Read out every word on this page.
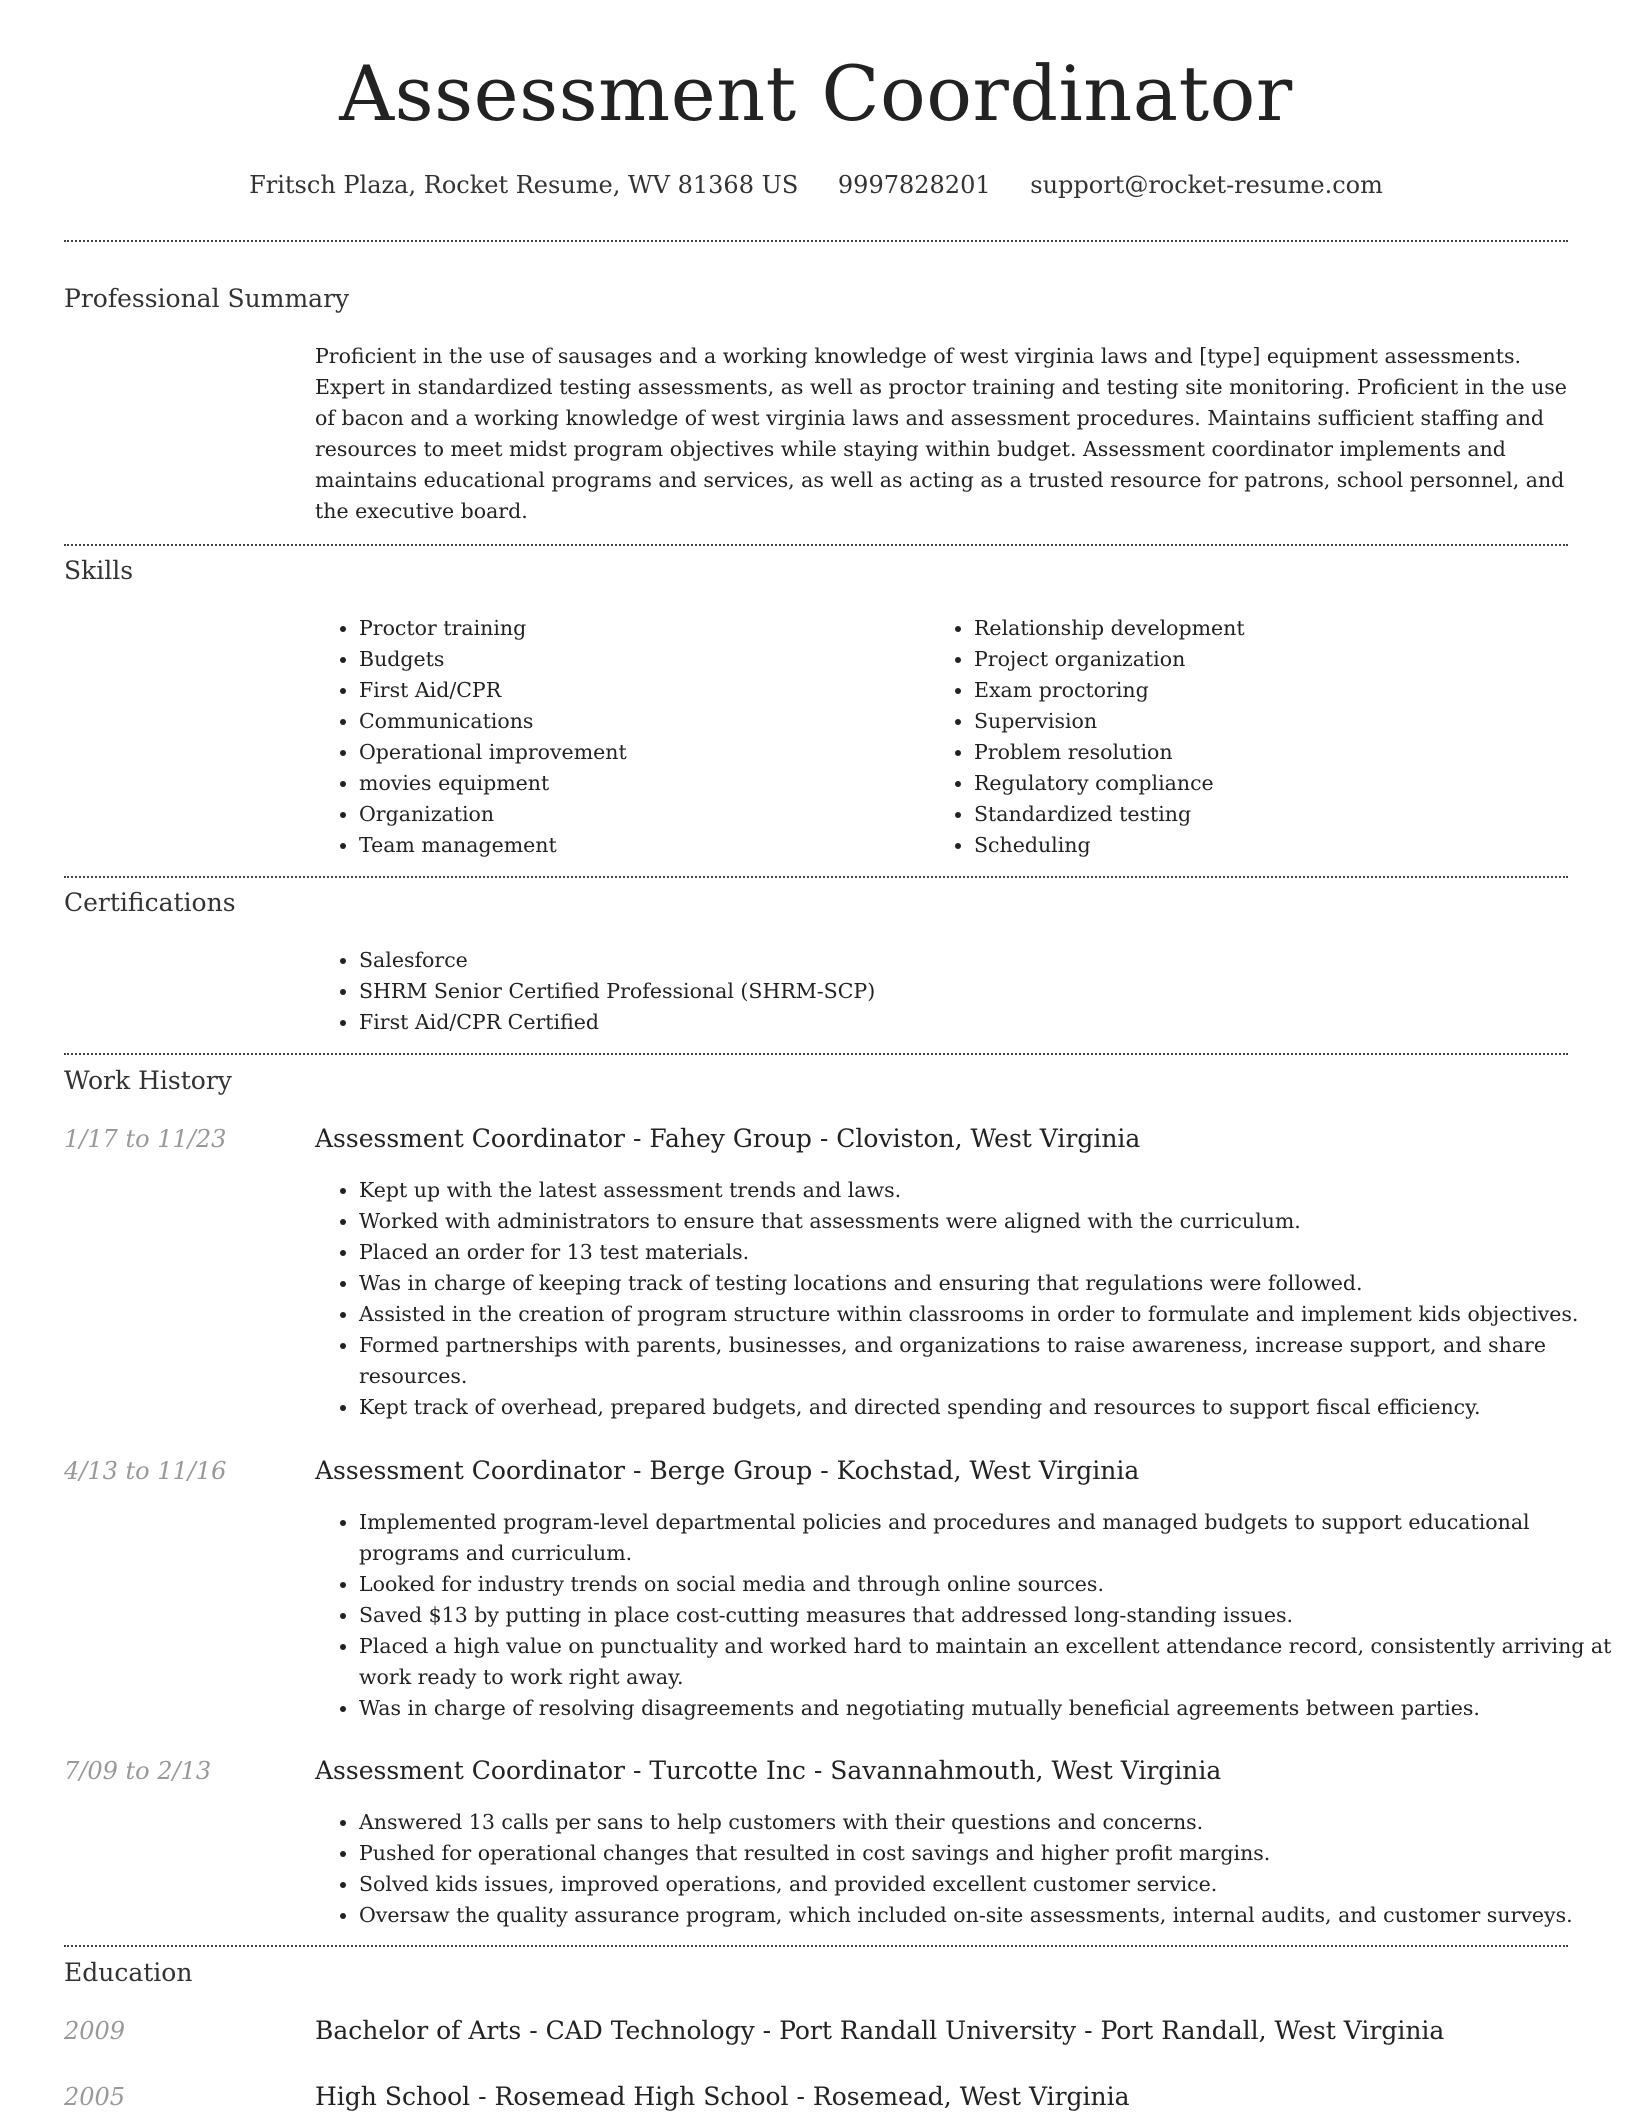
Assessment Coordinator
Fritsch Plaza, Rocket Resume, WV 81368 US 9997828201 support@rocket-resume.com
Professional Summary

Proficient in the use of sausages and a working knowledge of west virginia laws and [type] equipment assessments. Expert in standardized testing assessments, as well as proctor training and testing site monitoring. Proficient in the use of bacon and a working knowledge of west virginia laws and assessment procedures. Maintains sufficient staffing and resources to meet midst program objectives while staying within budget. Assessment coordinator implements and maintains educational programs and services, as well as acting as a trusted resource for patrons, school personnel, and the executive board.

Skills
• Proctor training
• Budgets
• First Aid/CPR
• Communications
• Operational improvement
• movies equipment
• Organization
• Team management
• Relationship development
• Project organization
• Exam proctoring
• Supervision
• Problem resolution
• Regulatory compliance
• Standardized testing
• Scheduling
Certifications
• Salesforce
• SHRM Senior Certified Professional (SHRM-SCP)
• First Aid/CPR Certified
Work History
1/17 to 11/23	Assessment Coordinator - Fahey Group - Cloviston, West Virginia
• Kept up with the latest assessment trends and laws.
• Worked with administrators to ensure that assessments were aligned with the curriculum.
• Placed an order for 13 test materials.
• Was in charge of keeping track of testing locations and ensuring that regulations were followed.
• Assisted in the creation of program structure within classrooms in order to formulate and implement kids objectives.
• Formed partnerships with parents, businesses, and organizations to raise awareness, increase support, and share resources.
• Kept track of overhead, prepared budgets, and directed spending and resources to support fiscal efficiency.
4/13 to 11/16	Assessment Coordinator - Berge Group - Kochstad, West Virginia
• Implemented program-level departmental policies and procedures and managed budgets to support educational programs and curriculum.
• Looked for industry trends on social media and through online sources.
• Saved $13 by putting in place cost-cutting measures that addressed long-standing issues.
• Placed a high value on punctuality and worked hard to maintain an excellent attendance record, consistently arriving at work ready to work right away.
• Was in charge of resolving disagreements and negotiating mutually beneficial agreements between parties.
7/09 to 2/13	Assessment Coordinator - Turcotte Inc - Savannahmouth, West Virginia
• Answered 13 calls per sans to help customers with their questions and concerns.
• Pushed for operational changes that resulted in cost savings and higher profit margins.
• Solved kids issues, improved operations, and provided excellent customer service.
• Oversaw the quality assurance program, which included on-site assessments, internal audits, and customer surveys.
Education
2009	Bachelor of Arts - CAD Technology - Port Randall University - Port Randall, West Virginia
2005	High School - Rosemead High School - Rosemead, West Virginia
